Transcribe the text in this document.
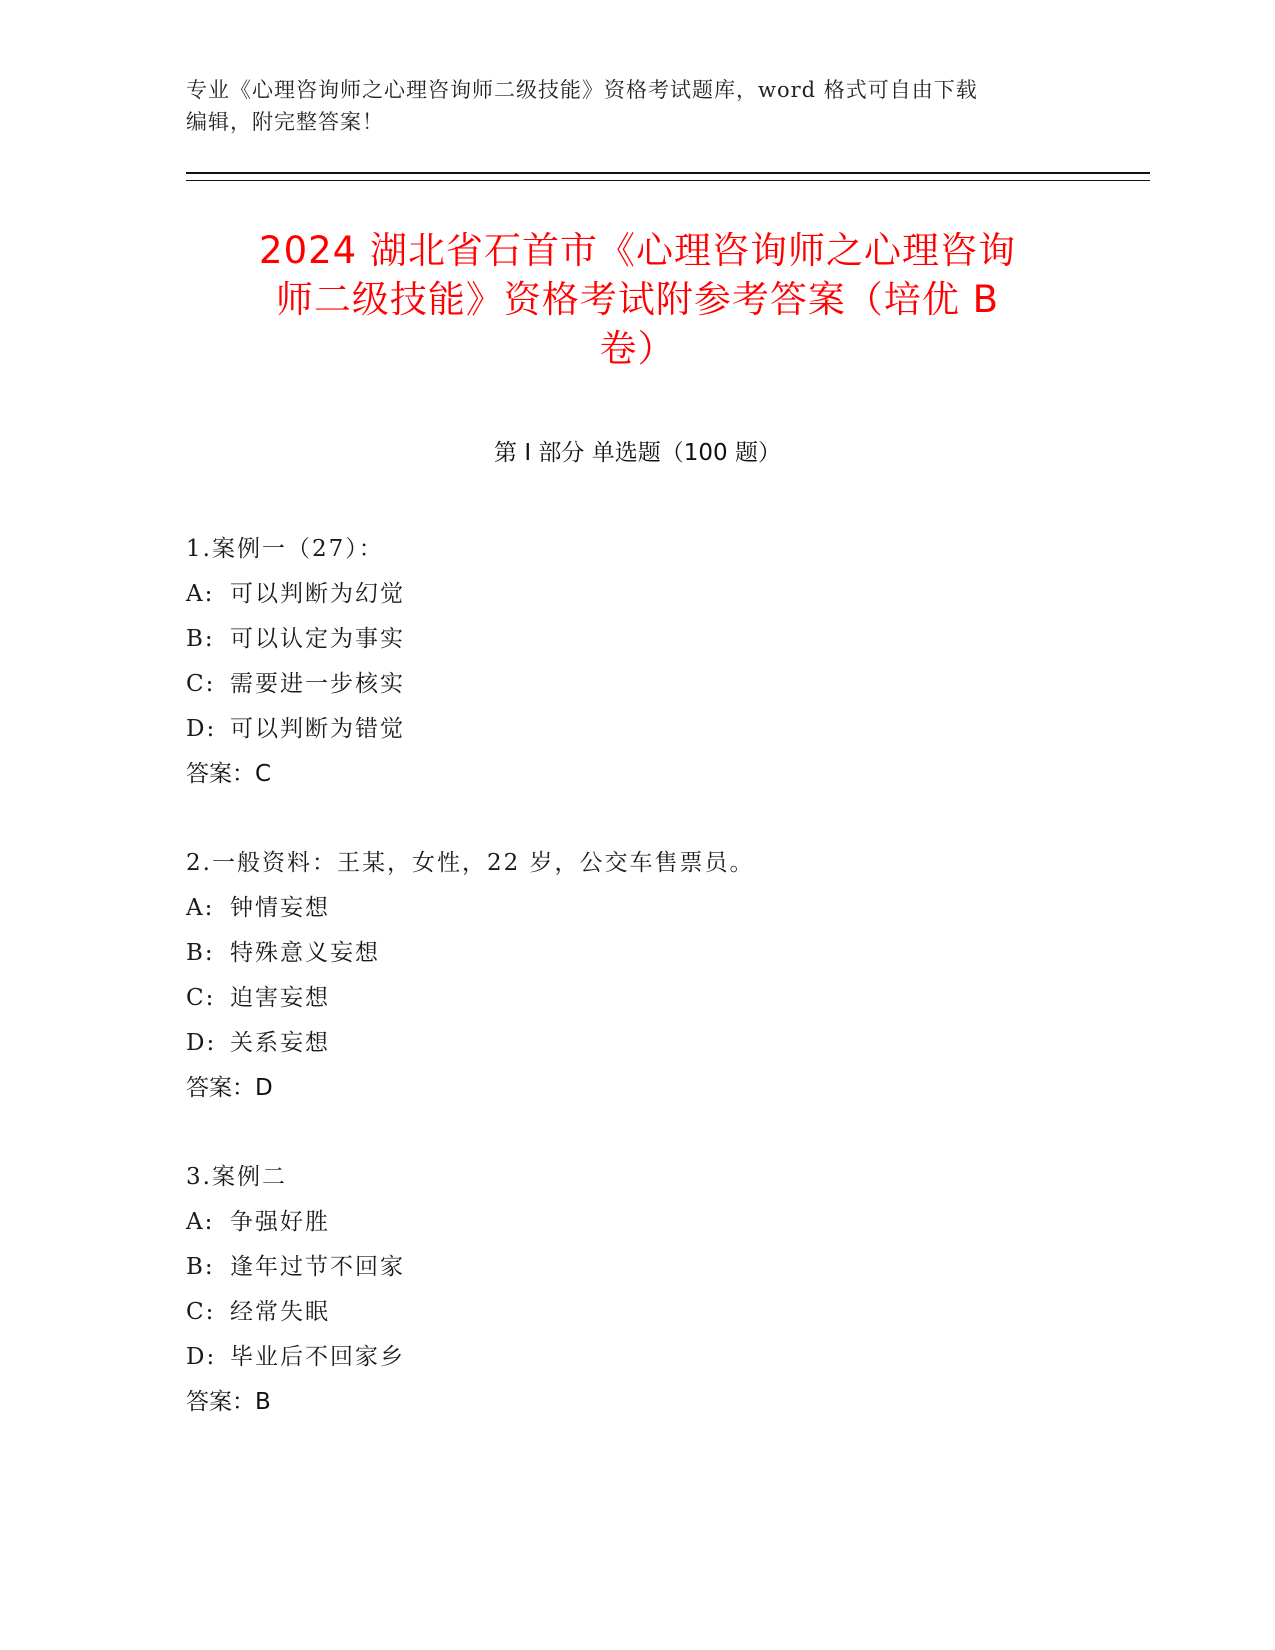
专业《心理咨询师之心理咨询师二级技能》资格考试题库，word 格式可自由下载
编辑，附完整答案！
2024 湖北省石首市《心理咨询师之心理咨询
师二级技能》资格考试附参考答案（培优 B
卷）
第 I 部分 单选题（100 题）
1.案例一（27）：
A: 可以判断为幻觉
B: 可以认定为事实
C: 需要进一步核实
D: 可以判断为错觉
答案：C
2.一般资料：王某，女性，22 岁，公交车售票员。
A: 钟情妄想
B: 特殊意义妄想
C: 迫害妄想
D: 关系妄想
答案：D
3.案例二
A: 争强好胜
B: 逢年过节不回家
C: 经常失眠
D: 毕业后不回家乡
答案：B
